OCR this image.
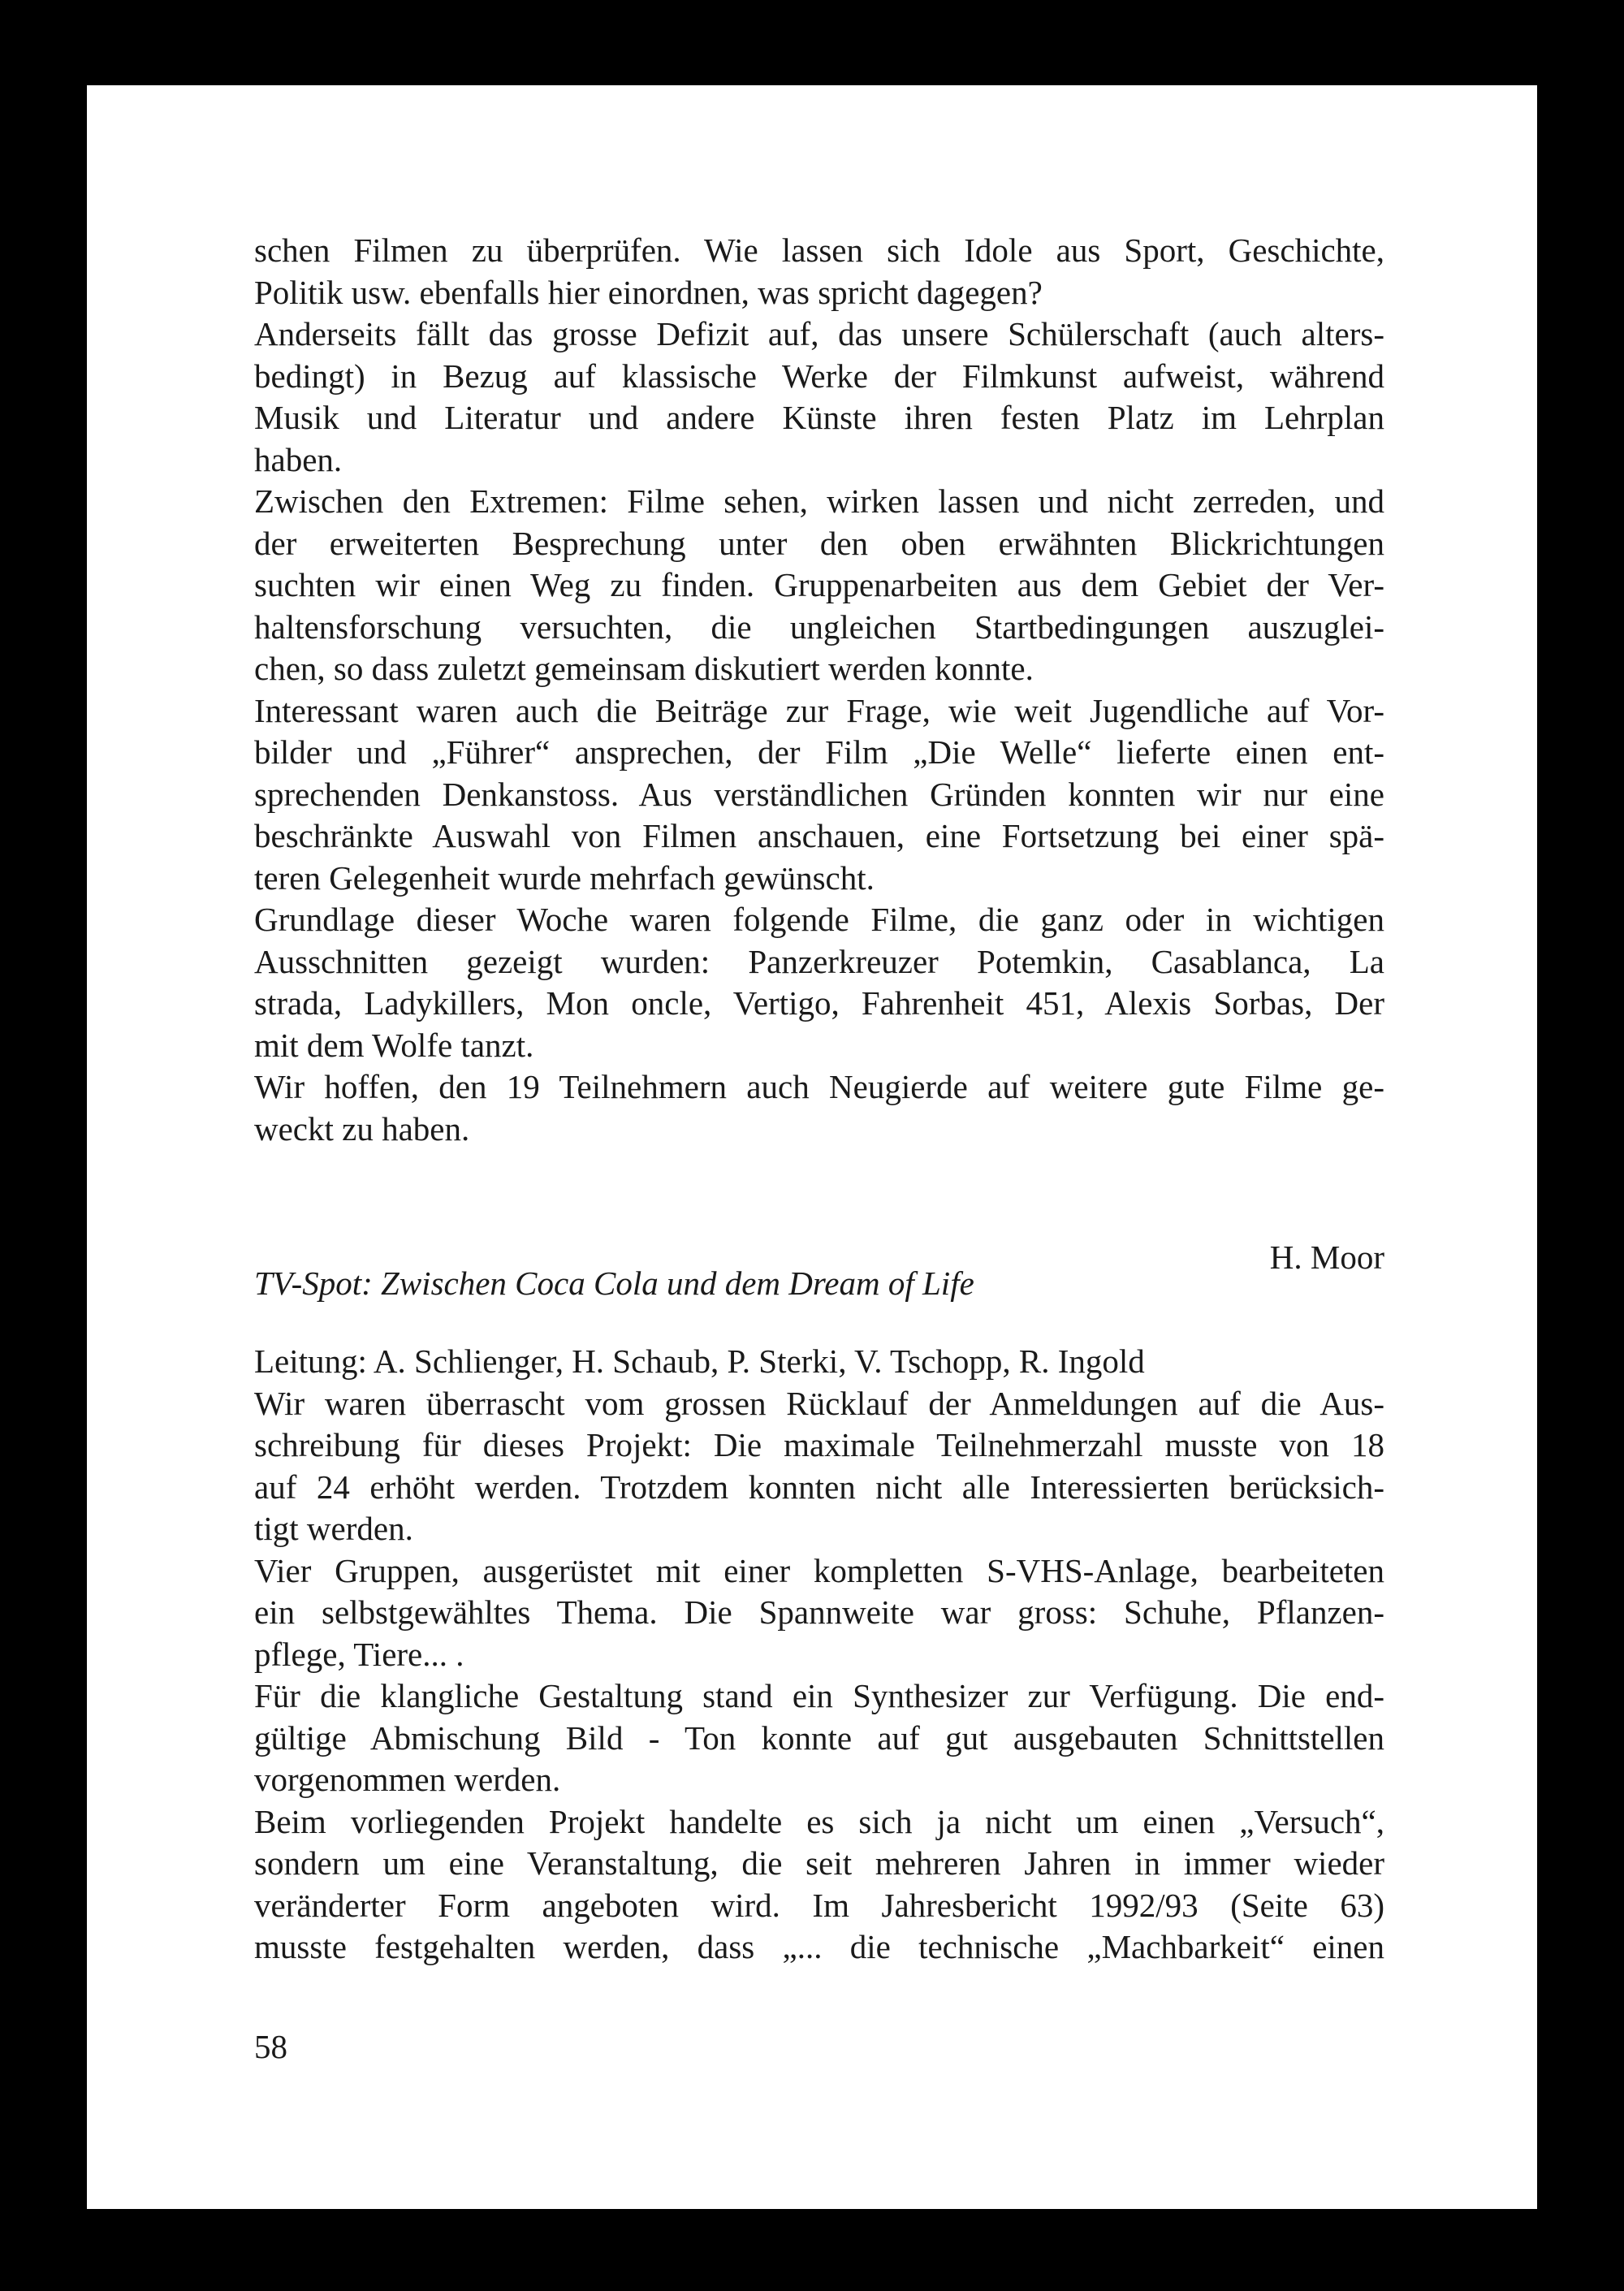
schen Filmen zu überprüfen. Wie lassen sich Idole aus Sport, Geschichte,
Politik usw. ebenfalls hier einordnen, was spricht dagegen?
Anderseits fällt das grosse Defizit auf, das unsere Schülerschaft (auch alters-
bedingt) in Bezug auf klassische Werke der Filmkunst aufweist, während
Musik und Literatur und andere Künste ihren festen Platz im Lehrplan
haben.
Zwischen den Extremen: Filme sehen, wirken lassen und nicht zerreden, und
der erweiterten Besprechung unter den oben erwähnten Blickrichtungen
suchten wir einen Weg zu finden. Gruppenarbeiten aus dem Gebiet der Ver-
haltensforschung versuchten, die ungleichen Startbedingungen auszuglei-
chen, so dass zuletzt gemeinsam diskutiert werden konnte.
Interessant waren auch die Beiträge zur Frage, wie weit Jugendliche auf Vor-
bilder und „Führer“ ansprechen, der Film „Die Welle“ lieferte einen ent-
sprechenden Denkanstoss. Aus verständlichen Gründen konnten wir nur eine
beschränkte Auswahl von Filmen anschauen, eine Fortsetzung bei einer spä-
teren Gelegenheit wurde mehrfach gewünscht.
Grundlage dieser Woche waren folgende Filme, die ganz oder in wichtigen
Ausschnitten gezeigt wurden: Panzerkreuzer Potemkin, Casablanca, La
strada, Ladykillers, Mon oncle, Vertigo, Fahrenheit 451, Alexis Sorbas, Der
mit dem Wolfe tanzt.
Wir hoffen, den 19 Teilnehmern auch Neugierde auf weitere gute Filme ge-
weckt zu haben.
H. Moor
TV-Spot: Zwischen Coca Cola und dem Dream of Life
Leitung: A. Schlienger, H. Schaub, P. Sterki, V. Tschopp, R. Ingold
Wir waren überrascht vom grossen Rücklauf der Anmeldungen auf die Aus-
schreibung für dieses Projekt: Die maximale Teilnehmerzahl musste von 18
auf 24 erhöht werden. Trotzdem konnten nicht alle Interessierten berücksich-
tigt werden.
Vier Gruppen, ausgerüstet mit einer kompletten S-VHS-Anlage, bearbeiteten
ein selbstgewähltes Thema. Die Spannweite war gross: Schuhe, Pflanzen-
pflege, Tiere... .
Für die klangliche Gestaltung stand ein Synthesizer zur Verfügung. Die end-
gültige Abmischung Bild - Ton konnte auf gut ausgebauten Schnittstellen
vorgenommen werden.
Beim vorliegenden Projekt handelte es sich ja nicht um einen „Versuch“,
sondern um eine Veranstaltung, die seit mehreren Jahren in immer wieder
veränderter Form angeboten wird. Im Jahresbericht 1992/93 (Seite 63)
musste festgehalten werden, dass „... die technische „Machbarkeit“ einen
58
